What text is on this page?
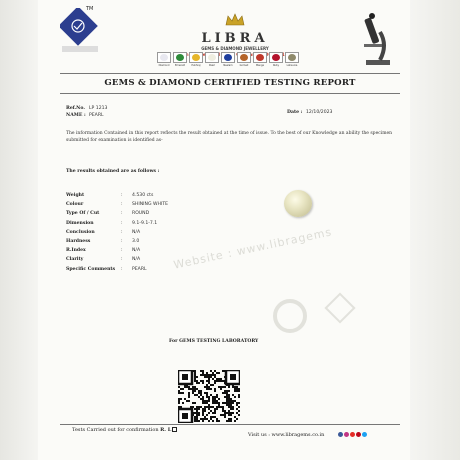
TM
LIBRA
GEMS & DIAMOND JEWELLERY
Diamond	Emerald	Pukhraj	Pearl	Neelam	Gomed	Manga	Ruby	Lahsunia
GEMS & DIAMOND CERTIFIED TESTING REPORT
Ref.No. LP 1213
NAME : PEARL
Date : 12/10/2023
The information Contained in this report reflects the result obtained at the time of issue. To the best of our Knowledge an ability the specimen submitted for examination is identified as-
The results obtained are as follows :
Weight	: 4.530 cts
Colour	: SHINING WHITE
Type Of / Cut	: ROUND
Dimension	: 9.1-9.1-7.1
Conclusion	: N/A
Hardness	: 3.0
R.Index	: N/A
Clarity	: N/A
Specific Comments : PEARL Website : www.libragems
For GEMS TESTING LABORATORY
Tests Carried out for confirmation R. L
Visit us : www.libragems.co.in
